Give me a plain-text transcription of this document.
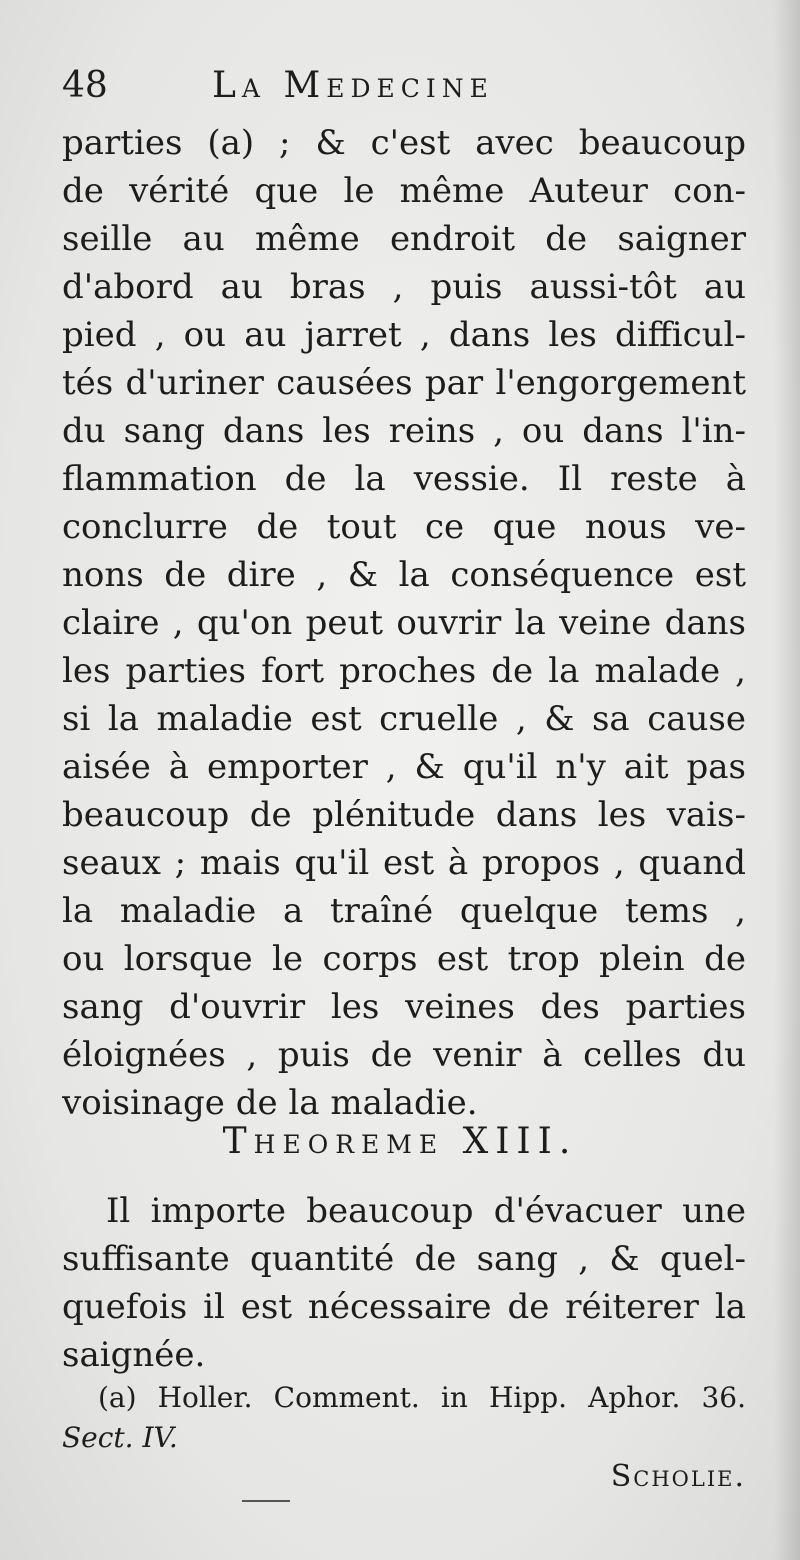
48	La Medecine
parties (a) ; & c'est avec beaucoup
de vérité que le même Auteur con-
seille au même endroit de saigner
d'abord au bras , puis aussi-tôt au
pied , ou au jarret , dans les difficul-
tés d'uriner causées par l'engorgement
du sang dans les reins , ou dans l'in-
flammation de la vessie. Il reste à
conclurre de tout ce que nous ve-
nons de dire , & la conséquence est
claire , qu'on peut ouvrir la veine dans
les parties fort proches de la malade ,
si la maladie est cruelle , & sa cause
aisée à emporter , & qu'il n'y ait pas
beaucoup de plénitude dans les vais-
seaux ; mais qu'il est à propos , quand
la maladie a traîné quelque tems ,
ou lorsque le corps est trop plein de
sang d'ouvrir les veines des parties
éloignées , puis de venir à celles du
voisinage de la maladie.
Theoreme XIII.
Il importe beaucoup d'évacuer une
suffisante quantité de sang , & quel-
quefois il est nécessaire de réiterer la
saignée.
(a) Holler. Comment. in Hipp. Aphor. 36.
Sect. IV.
Scholie.
